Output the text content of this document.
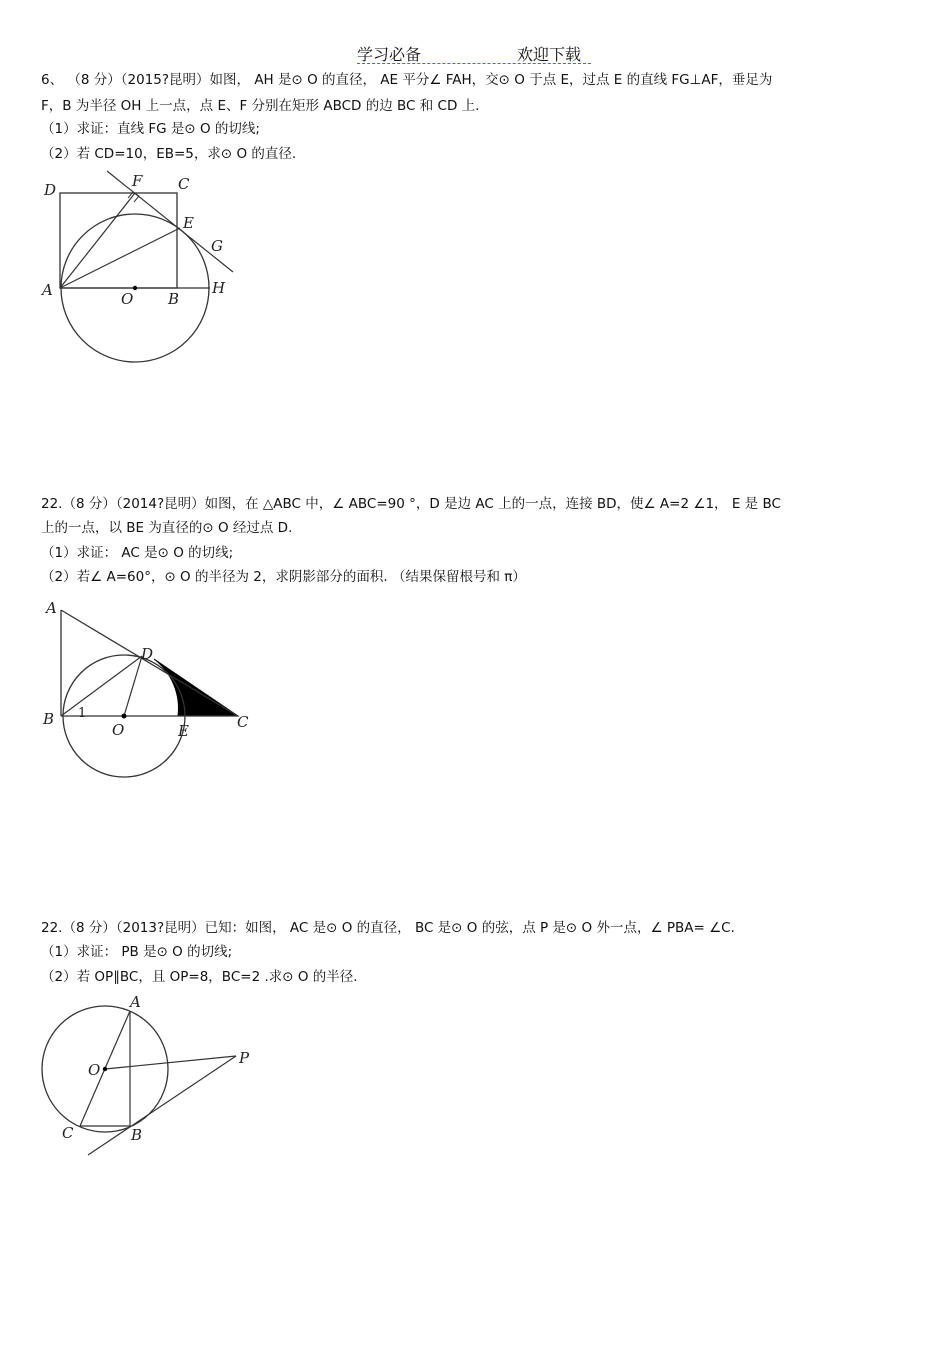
学习必备	欢迎下载
6、 （8 分）（2015?昆明）如图， AH 是⊙ O 的直径， AE 平分∠ FAH，交⊙ O 于点 E，过点 E 的直线 FG⊥AF，垂足为
F，B 为半径 OH 上一点，点 E、F 分别在矩形 ABCD 的边 BC 和 CD 上.
（1）求证：直线 FG 是⊙ O 的切线;
（2）若 CD=10，EB=5，求⊙ O 的直径.
D	F C
E
G
A	O B
H
22.（8 分）（2014?昆明）如图，在 △ABC 中，∠ ABC=90 °，D 是边 AC 上的一点，连接 BD，使∠ A=2 ∠1， E 是 BC
上的一点，以 BE 为直径的⊙ O 经过点 D.
（1）求证： AC 是⊙ O 的切线;
（2）若∠ A=60°，⊙ O 的半径为 2，求阴影部分的面积. （结果保留根号和 π）
A
D
B 1
O	E	C
22.（8 分）（2013?昆明）已知：如图， AC 是⊙ O 的直径， BC 是⊙ O 的弦，点 P 是⊙ O 外一点，∠ PBA= ∠C.
（1）求证： PB 是⊙ O 的切线;
（2）若 OP∥BC，且 OP=8，BC=2 .求⊙ O 的半径.
A
O
P
C	B
